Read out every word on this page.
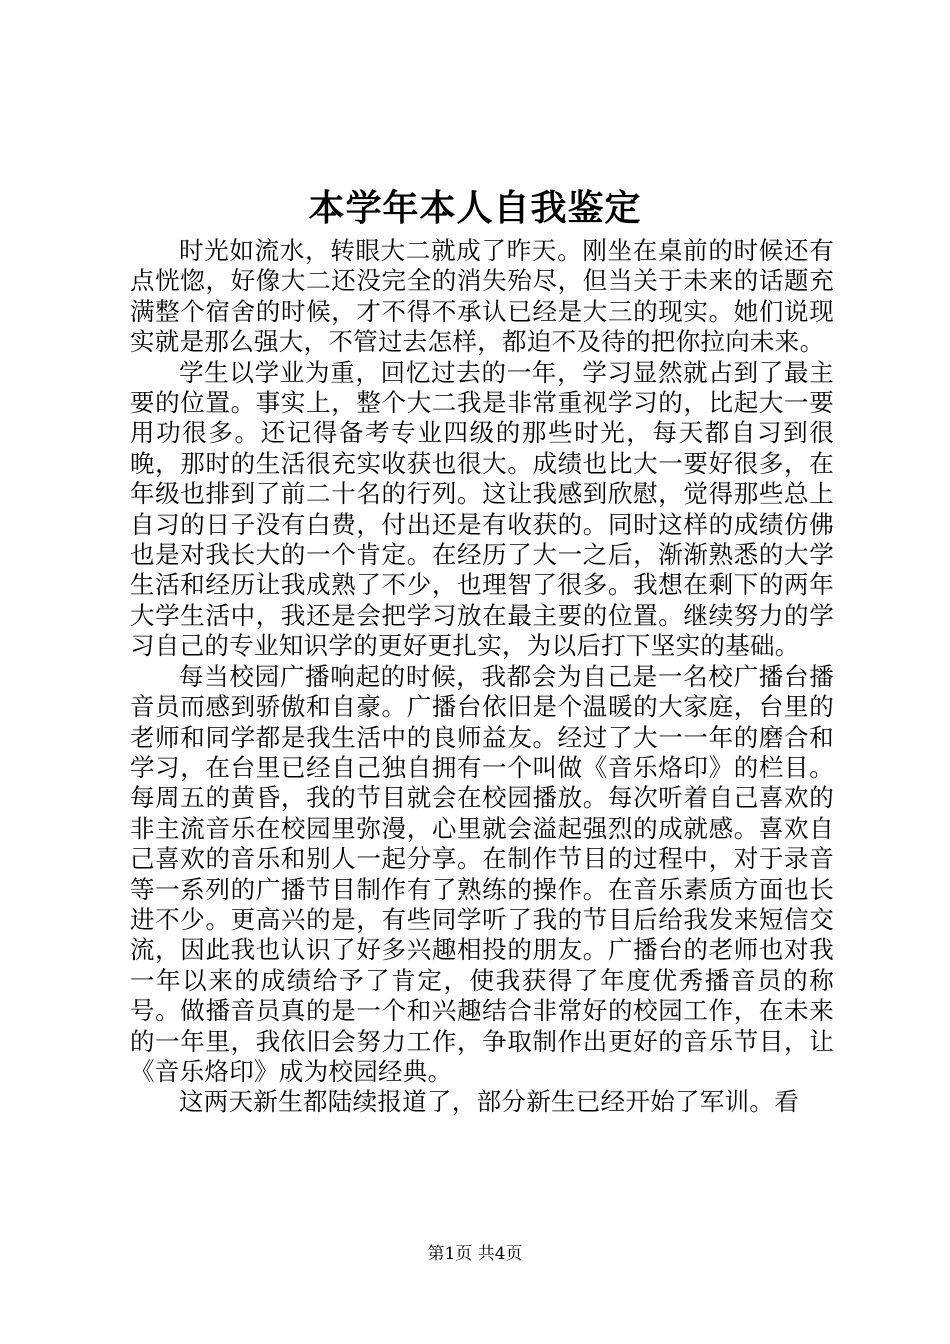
本学年本人自我鉴定

时光如流水，转眼大二就成了昨天。刚坐在桌前的时候还有点恍惚，好像大二还没完全的消失殆尽，但当关于未来的话题充满整个宿舍的时候，才不得不承认已经是大三的现实。她们说现实就是那么强大，不管过去怎样，都迫不及待的把你拉向未来。

学生以学业为重，回忆过去的一年，学习显然就占到了最主要的位置。事实上，整个大二我是非常重视学习的，比起大一要用功很多。还记得备考专业四级的那些时光，每天都自习到很晚，那时的生活很充实收获也很大。成绩也比大一要好很多，在年级也排到了前二十名的行列。这让我感到欣慰，觉得那些总上自习的日子没有白费，付出还是有收获的。同时这样的成绩仿佛也是对我长大的一个肯定。在经历了大一之后，渐渐熟悉的大学生活和经历让我成熟了不少，也理智了很多。我想在剩下的两年大学生活中，我还是会把学习放在最主要的位置。继续努力的学习自己的专业知识学的更好更扎实，为以后打下坚实的基础。

每当校园广播响起的时候，我都会为自己是一名校广播台播音员而感到骄傲和自豪。广播台依旧是个温暖的大家庭，台里的老师和同学都是我生活中的良师益友。经过了大一一年的磨合和学习，在台里已经自己独自拥有一个叫做《音乐烙印》的栏目。每周五的黄昏，我的节目就会在校园播放。每次听着自己喜欢的非主流音乐在校园里弥漫，心里就会溢起强烈的成就感。喜欢自己喜欢的音乐和别人一起分享。在制作节目的过程中，对于录音等一系列的广播节目制作有了熟练的操作。在音乐素质方面也长进不少。更高兴的是，有些同学听了我的节目后给我发来短信交流，因此我也认识了好多兴趣相投的朋友。广播台的老师也对我一年以来的成绩给予了肯定，使我获得了年度优秀播音员的称号。做播音员真的是一个和兴趣结合非常好的校园工作，在未来的一年里，我依旧会努力工作，争取制作出更好的音乐节目，让《音乐烙印》成为校园经典。

这两天新生都陆续报道了，部分新生已经开始了军训。看

第1页 共4页
